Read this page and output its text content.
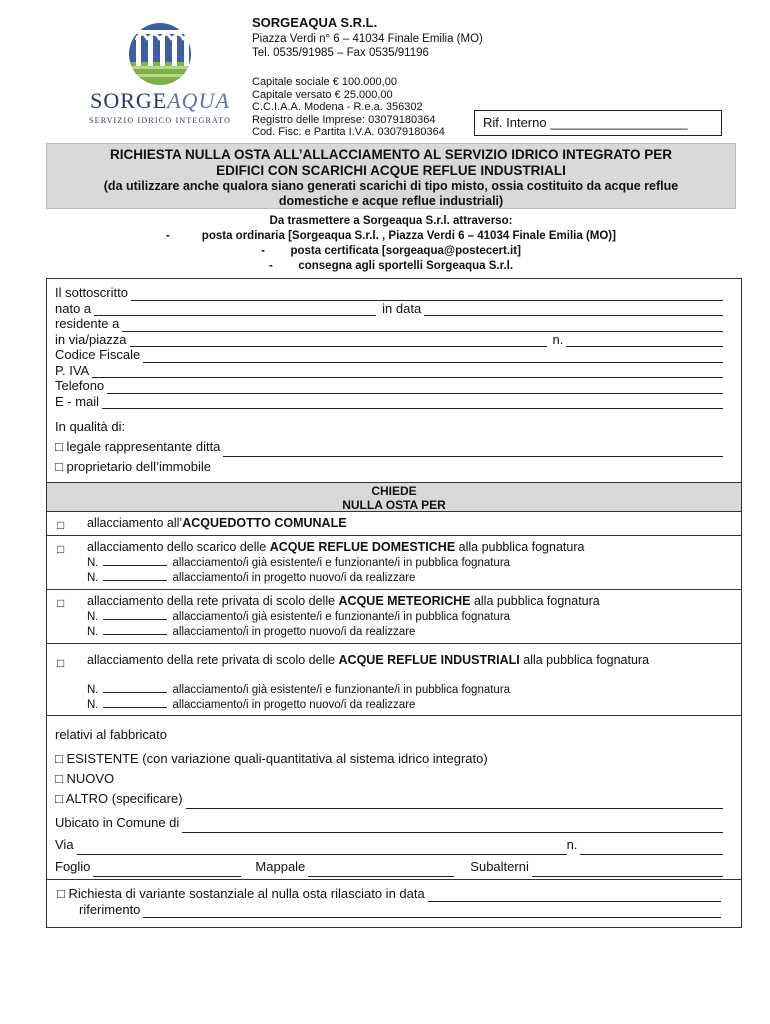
SORGEAQUA
SERVIZIO IDRICO INTEGRATO
SORGEAQUA S.R.L.
Piazza Verdi n° 6 – 41034 Finale Emilia (MO)
Tel. 0535/91985 – Fax 0535/91196
Capitale sociale € 100.000,00
Capitale versato € 25.000,00
C.C.I.A.A. Modena - R.e.a. 356302
Registro delle Imprese: 03079180364
Cod. Fisc. e Partita I.V.A. 03079180364
Rif. Interno ___________________
RICHIESTA NULLA OSTA ALL’ALLACCIAMENTO AL SERVIZIO IDRICO INTEGRATO PER
EDIFICI CON SCARICHI ACQUE REFLUE INDUSTRIALI
(da utilizzare anche qualora siano generati scarichi di tipo misto, ossia costituito da acque reflue
domestiche e acque reflue industriali)
Da trasmettere a Sorgeaqua S.r.l. attraverso:
-          posta ordinaria [Sorgeaqua S.r.l. , Piazza Verdi 6 – 41034 Finale Emilia (MO)]
-        posta certificata [sorgeaqua@postecert.it]
-        consegna agli sportelli Sorgeaqua S.r.l.
Il sottoscritto
nato a	in data
residente a
in via/piazza	n.
Codice Fiscale
P. IVA
Telefono
E - mail
In qualità di:
□ legale rappresentante ditta
□ proprietario dell’immobile
CHIEDE
NULLA OSTA PER
□ allacciamento all’ACQUEDOTTO COMUNALE
□ allacciamento dello scarico delle ACQUE REFLUE DOMESTICHE alla pubblica fognatura
N.	allacciamento/i già esistente/i e funzionante/i in pubblica fognatura
N.	allacciamento/i in progetto nuovo/i da realizzare
□ allacciamento della rete privata di scolo delle ACQUE METEORICHE alla pubblica fognatura
N.	allacciamento/i già esistente/i e funzionante/i in pubblica fognatura
N.	allacciamento/i in progetto nuovo/i da realizzare
□ allacciamento della rete privata di scolo delle ACQUE REFLUE INDUSTRIALI alla pubblica fognatura
N.	allacciamento/i già esistente/i e funzionante/i in pubblica fognatura
N.	allacciamento/i in progetto nuovo/i da realizzare
relativi al fabbricato
□ ESISTENTE (con variazione quali-quantitativa al sistema idrico integrato)
□ NUOVO
□ ALTRO (specificare)
Ubicato in Comune di
Via	n.
Foglio	Mappale	Subalterni
□ Richiesta di variante sostanziale al nulla osta rilasciato in data
riferimento
